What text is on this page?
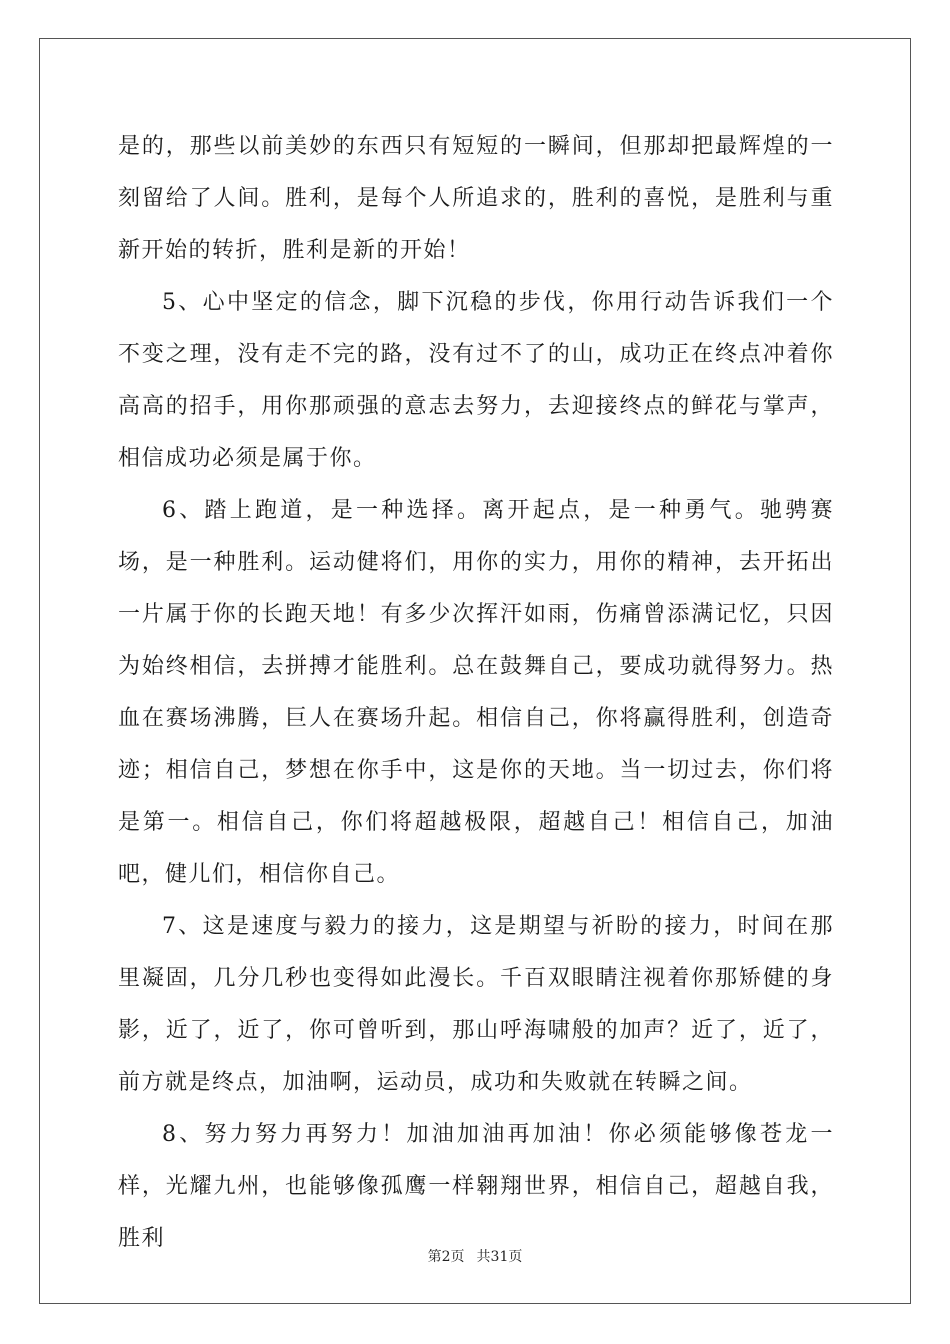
是的，那些以前美妙的东西只有短短的一瞬间，但那却把最辉煌的一刻留给了人间。胜利，是每个人所追求的，胜利的喜悦，是胜利与重新开始的转折，胜利是新的开始！

5、心中坚定的信念，脚下沉稳的步伐，你用行动告诉我们一个不变之理，没有走不完的路，没有过不了的山，成功正在终点冲着你高高的招手，用你那顽强的意志去努力，去迎接终点的鲜花与掌声，相信成功必须是属于你。

6、踏上跑道，是一种选择。离开起点，是一种勇气。驰骋赛场，是一种胜利。运动健将们，用你的实力，用你的精神，去开拓出一片属于你的长跑天地！有多少次挥汗如雨，伤痛曾添满记忆，只因为始终相信，去拼搏才能胜利。总在鼓舞自己，要成功就得努力。热血在赛场沸腾，巨人在赛场升起。相信自己，你将赢得胜利，创造奇迹；相信自己，梦想在你手中，这是你的天地。当一切过去，你们将是第一。相信自己，你们将超越极限，超越自己！相信自己，加油吧，健儿们，相信你自己。

7、这是速度与毅力的接力，这是期望与祈盼的接力，时间在那里凝固，几分几秒也变得如此漫长。千百双眼睛注视着你那矫健的身影，近了，近了，你可曾听到，那山呼海啸般的加声？近了，近了，前方就是终点，加油啊，运动员，成功和失败就在转瞬之间。

8、努力努力再努力！加油加油再加油！你必须能够像苍龙一样，光耀九州，也能够像孤鹰一样翱翔世界，相信自己，超越自我，胜利

第2页 共31页
